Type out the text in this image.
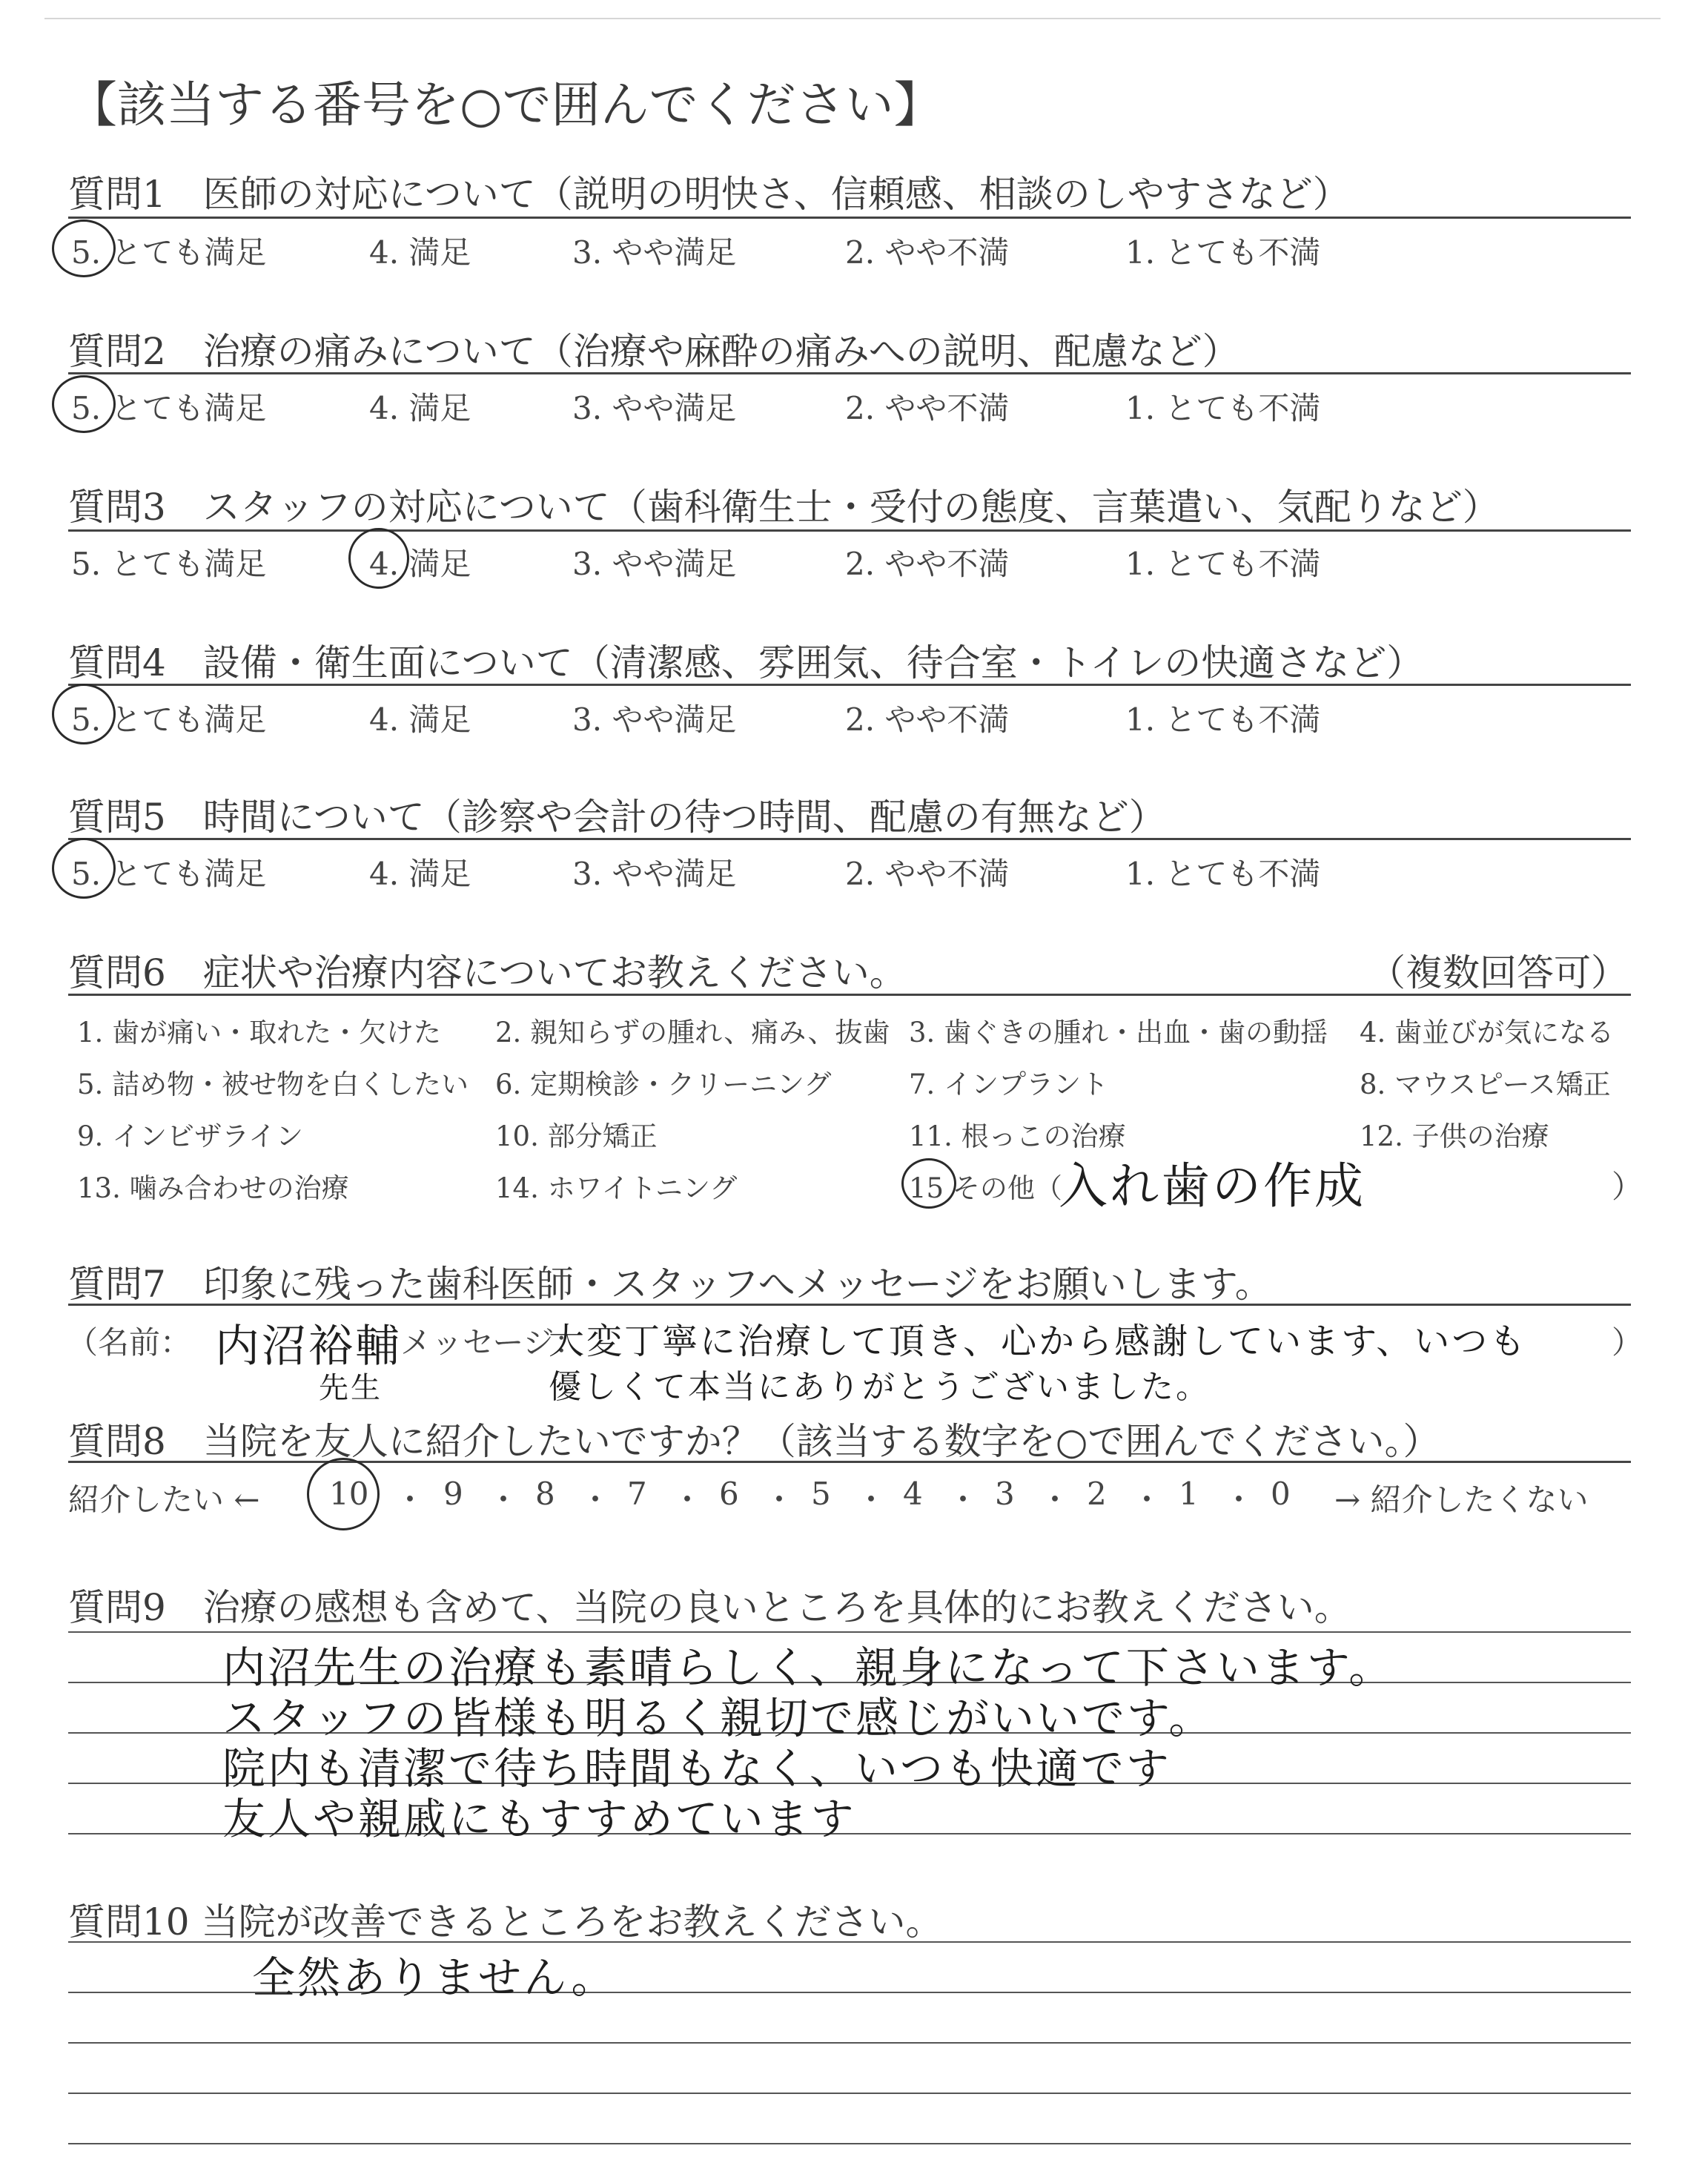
【該当する番号を○で囲んでください】
質問1　医師の対応について（説明の明快さ、信頼感、相談のしやすさなど）
5. とても満足	4. 満足	3. やや満足	2. やや不満	1. とても不満
質問2　治療の痛みについて（治療や麻酔の痛みへの説明、配慮など）
5. とても満足	4. 満足	3. やや満足	2. やや不満	1. とても不満
質問3　スタッフの対応について（歯科衛生士・受付の態度、言葉遣い、気配りなど）
5. とても満足	4. 満足	3. やや満足	2. やや不満	1. とても不満
質問4　設備・衛生面について（清潔感、雰囲気、待合室・トイレの快適さなど）
5. とても満足	4. 満足	3. やや満足	2. やや不満	1. とても不満
質問5　時間について（診察や会計の待つ時間、配慮の有無など）
5. とても満足	4. 満足	3. やや満足	2. やや不満	1. とても不満
質問6　症状や治療内容についてお教えください。	（複数回答可）
1. 歯が痛い・取れた・欠けた 2. 親知らずの腫れ、痛み、抜歯 3. 歯ぐきの腫れ・出血・歯の動揺 4. 歯並びが気になる
5. 詰め物・被せ物を白くしたい 6. 定期検診・クリーニング	7. インプラント	8. マウスピース矯正
9. インビザライン	10. 部分矯正	11. 根っこの治療	12. 子供の治療
13. 噛み合わせの治療	14. ホワイトニング	15 その他（
入れ歯の作成	）
質問7　印象に残った歯科医師・スタッフへメッセージをお願いします。
（名前： 内沼裕輔
先生
メッセージ：
大変丁寧に治療して頂き、心から感謝しています、いつも
優しくて本当にありがとうございました。
）
質問8　当院を友人に紹介したいですか？（該当する数字を○で囲んでください。）
紹介したい ← 10 ・ 9 ・ 8 ・ 7 ・ 6 ・ 5 ・ 4 ・ 3 ・ 2 ・ 1 ・ 0 → 紹介したくない
質問9　治療の感想も含めて、当院の良いところを具体的にお教えください。
内沼先生の治療も素晴らしく、親身になって下さいます。
スタッフの皆様も明るく親切で感じがいいです。
院内も清潔で待ち時間もなく、いつも快適です
友人や親戚にもすすめています
質問10 当院が改善できるところをお教えください。
全然ありません。
